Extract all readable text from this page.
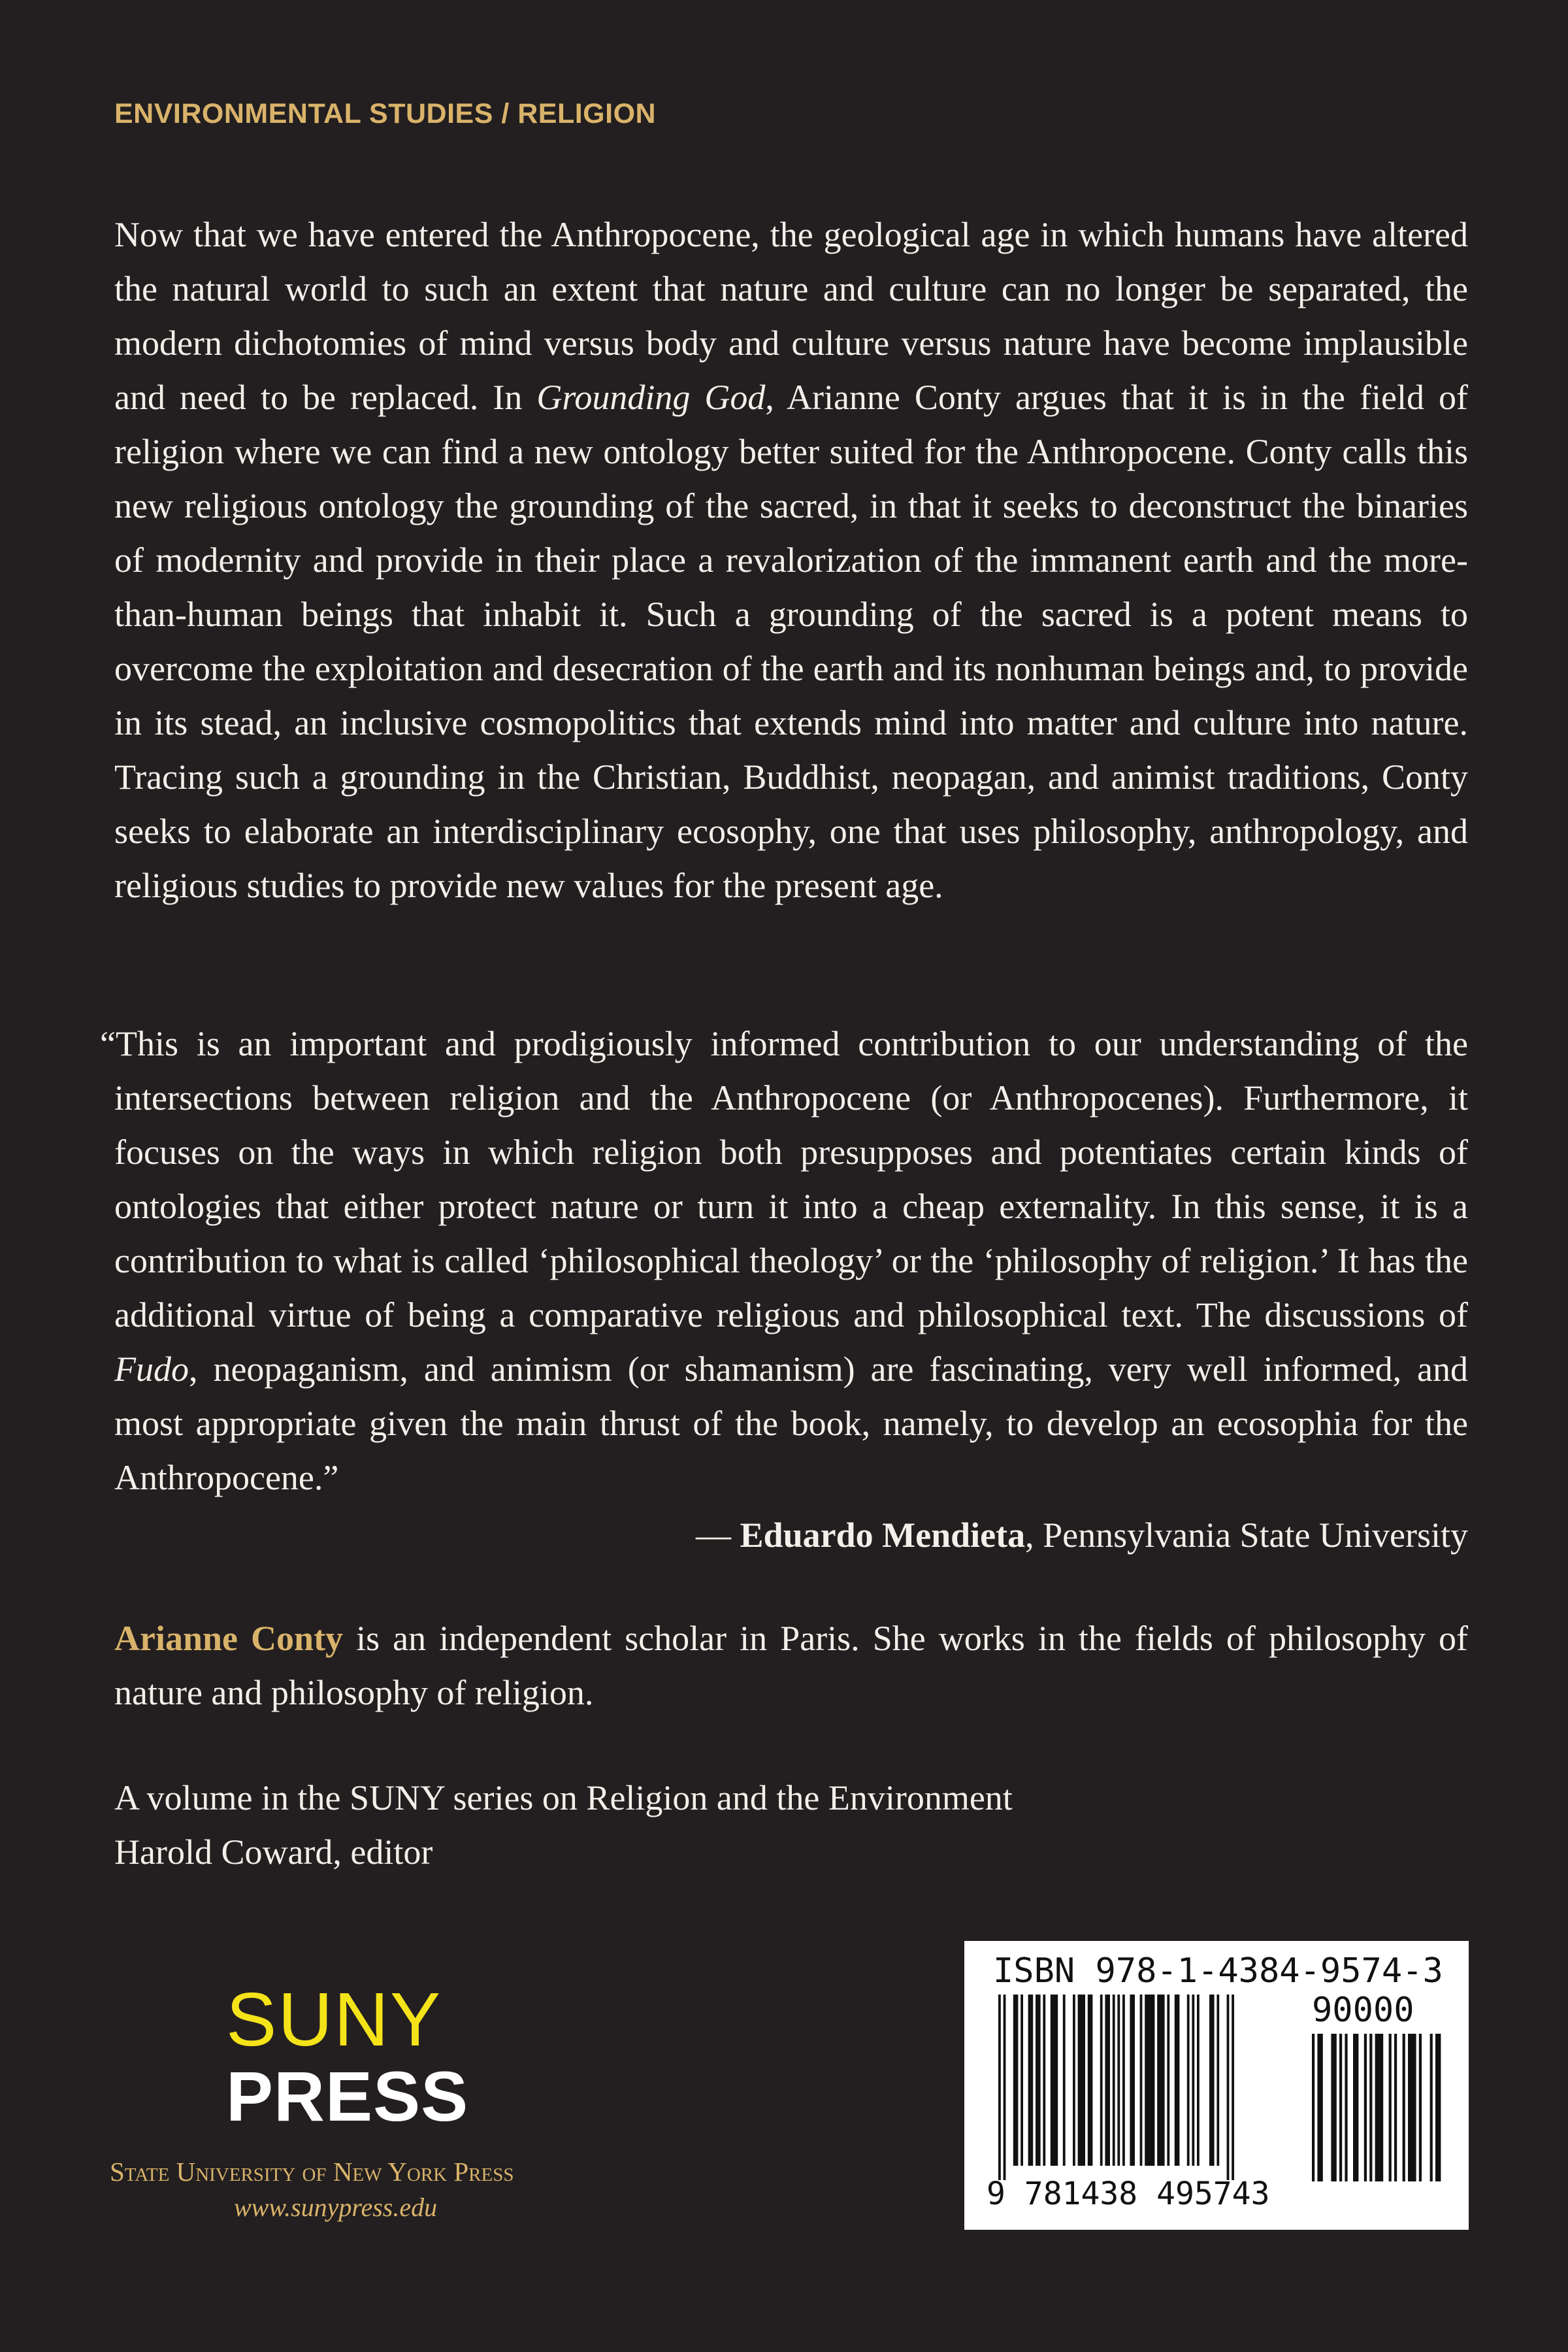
ENVIRONMENTAL STUDIES / RELIGION

Now that we have entered the Anthropocene, the geological age in which humans have altered the natural world to such an extent that nature and culture can no longer be separated, the modern dichotomies of mind versus body and culture versus nature have become implausible and need to be replaced. In Grounding God, Arianne Conty argues that it is in the field of religion where we can find a new ontology better suited for the Anthropocene. Conty calls this new religious ontology the grounding of the sacred, in that it seeks to deconstruct the binaries of modernity and provide in their place a revalorization of the immanent earth and the more-than-human beings that inhabit it. Such a grounding of the sacred is a potent means to overcome the exploitation and desecration of the earth and its nonhuman beings and, to provide in its stead, an inclusive cosmopolitics that extends mind into matter and culture into nature. Tracing such a grounding in the Christian, Buddhist, neopagan, and animist traditions, Conty seeks to elaborate an interdisciplinary ecosophy, one that uses philosophy, anthropology, and religious studies to provide new values for the present age.

“This is an important and prodigiously informed contribution to our understanding of the intersections between religion and the Anthropocene (or Anthropocenes). Furthermore, it focuses on the ways in which religion both presupposes and potentiates certain kinds of ontologies that either protect nature or turn it into a cheap externality. In this sense, it is a contribution to what is called ‘philosophical theology’ or the ‘philosophy of religion.’ It has the additional virtue of being a comparative religious and philosophical text. The discussions of Fudo, neopaganism, and animism (or shamanism) are fascinating, very well informed, and most appropriate given the main thrust of the book, namely, to develop an ecosophia for the Anthropocene.”

— Eduardo Mendieta, Pennsylvania State University

Arianne Conty is an independent scholar in Paris. She works in the fields of philosophy of nature and philosophy of religion.

A volume in the SUNY series on Religion and the Environment
Harold Coward, editor
SUNY
PRESS
State University of New York Press
www.sunypress.edu
ISBN 978-1-4384-9574-3
90000
9 781438 495743
